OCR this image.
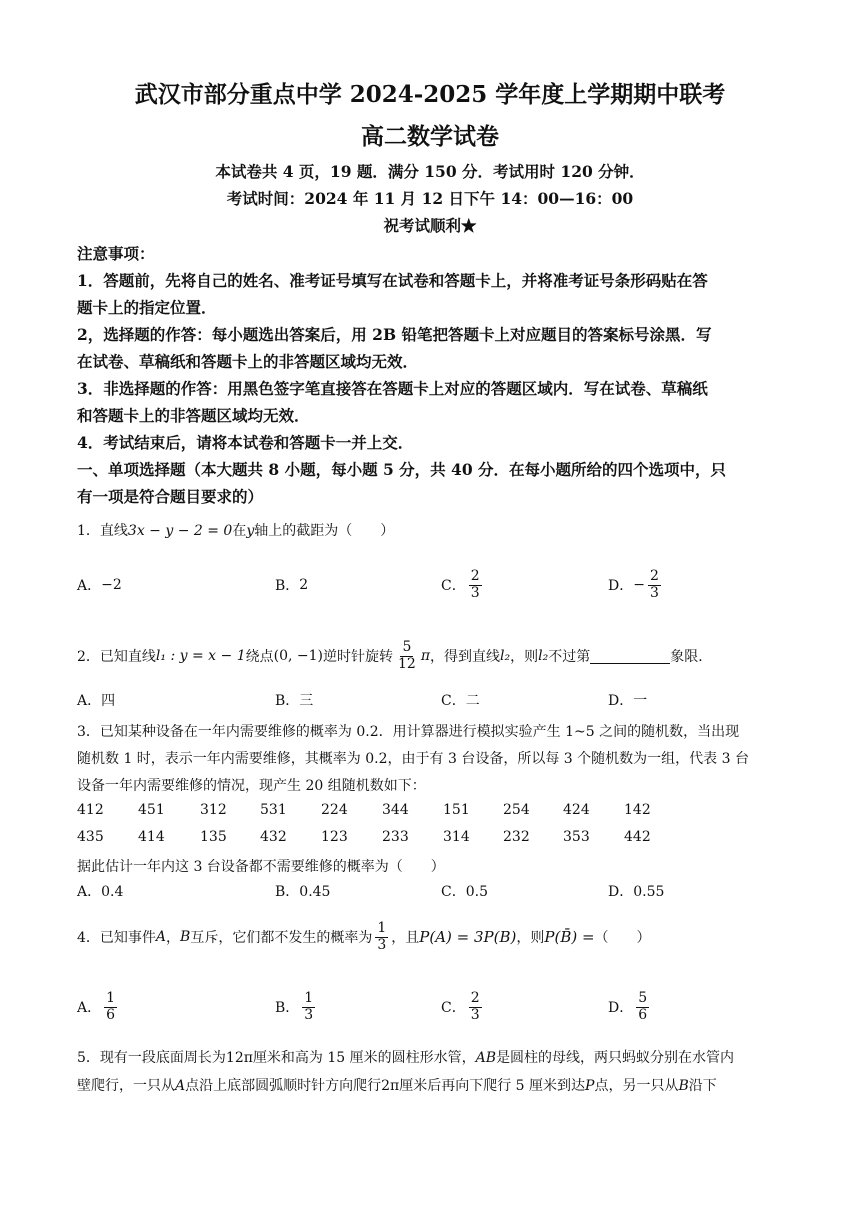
武汉市部分重点中学 2024-2025 学年度上学期期中联考
高二数学试卷
本试卷共 4 页，19 题．满分 150 分．考试用时 120 分钟．
考试时间：2024 年 11 月 12 日下午 14：00—16：00
祝考试顺利★
注意事项：
1．答题前，先将自己的姓名、准考证号填写在试卷和答题卡上，并将准考证号条形码贴在答
题卡上的指定位置．
2，选择题的作答：每小题选出答案后，用 2B 铅笔把答题卡上对应题目的答案标号涂黑．写
在试卷、草稿纸和答题卡上的非答题区域均无效．
3．非选择题的作答：用黑色签字笔直接答在答题卡上对应的答题区域内．写在试卷、草稿纸
和答题卡上的非答题区域均无效．
4．考试结束后，请将本试卷和答题卡一并上交．
一、单项选择题（本大题共 8 小题，每小题 5 分，共 40 分．在每小题所给的四个选项中，只
有一项是符合题目要求的）
1．直线3x − y − 2 = 0在y轴上的截距为（　　）
A． −2	B． 2	C． $\frac{2}{3}$	D． − $\frac{2}{3}$
2．已知直线 l₁ : y = x − 1 绕点 (0, −1) 逆时针旋转 $\frac{5}{12}$ π ，得到直线 l₂ ，则 l₂ 不过第	象限．
A．四	B．三	C．二	D．一
3．已知某种设备在一年内需要维修的概率为 0.2．用计算器进行模拟实验产生 1~5 之间的随机数，当出现
随机数 1 时，表示一年内需要维修，其概率为 0.2，由于有 3 台设备，所以每 3 个随机数为一组，代表 3 台
设备一年内需要维修的情况，现产生 20 组随机数如下：
412 451	312 531 224 344 151 254 424 142
435 414	135 432 123 233 314 232 353 442
据此估计一年内这 3 台设备都不需要维修的概率为（　　）
A．0.4	B．0.45	C．0.5	D．0.55
4．已知事件 A ， B 互斥，它们都不发生的概率为 $\frac{1}{3}$ ，且 P(A) = 3P(B) ，则 P(B̄) = （　　）
A． $\frac{1}{6}$	B． $\frac{1}{3}$	C． $\frac{2}{3}$	D． $\frac{5}{6}$
5．现有一段底面周长为12π厘米和高为 15 厘米的圆柱形水管，AB是圆柱的母线，两只蚂蚁分别在水管内
壁爬行，一只从A点沿上底部圆弧顺时针方向爬行2π厘米后再向下爬行 5 厘米到达P点，另一只从B沿下
